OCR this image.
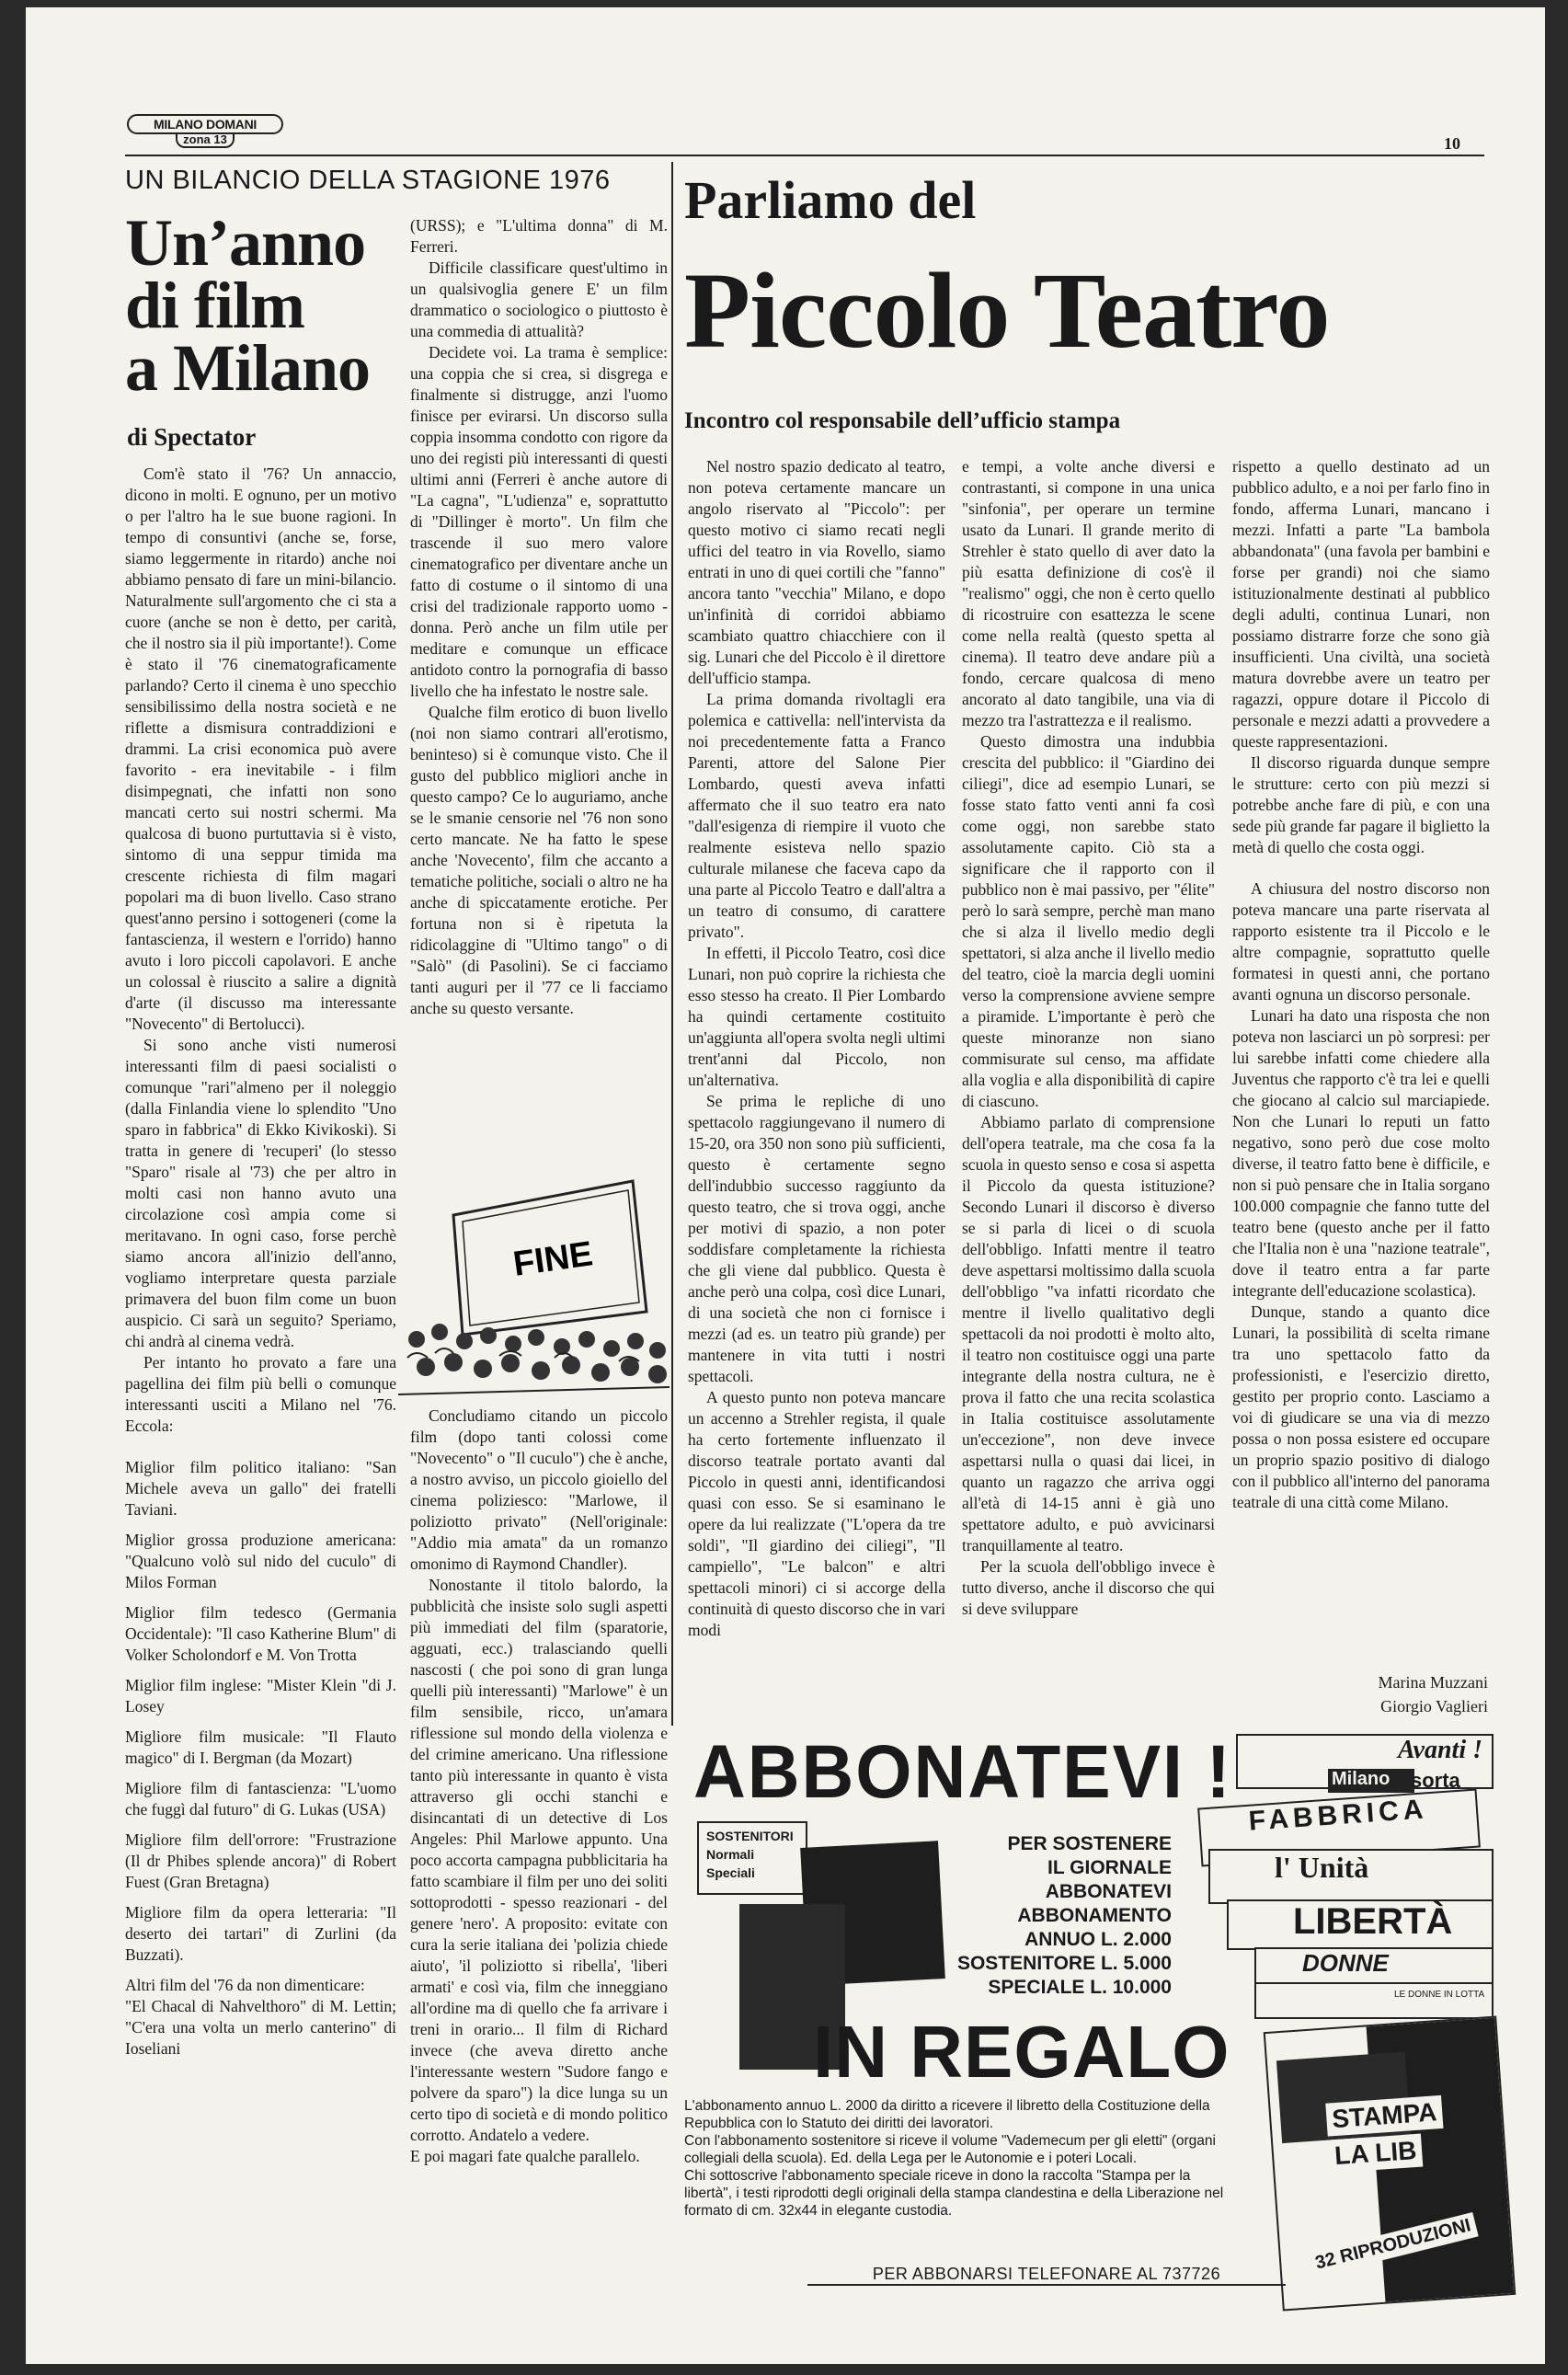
MILANO DOMANI
zona 13	10
UN BILANCIO DELLA STAGIONE 1976
Un’anno
di film
a Milano
di Spectator

Com'è stato il '76? Un annaccio, dicono in molti. E ognuno, per un motivo o per l'altro ha le sue buone ragioni. In tempo di consuntivi (anche se, forse, siamo leggermente in ritardo) anche noi abbiamo pensato di fare un mini-bilancio. Naturalmente sull'argomento che ci sta a cuore (anche se non è detto, per carità, che il nostro sia il più importante!). Come è stato il '76 cinematograficamente parlando? Certo il cinema è uno specchio sensibilissimo della nostra società e ne riflette a dismisura contraddizioni e drammi. La crisi economica può avere favorito - era inevitabile - i film disimpegnati, che infatti non sono mancati certo sui nostri schermi. Ma qualcosa di buono purtuttavia si è visto, sintomo di una seppur timida ma crescente richiesta di film magari popolari ma di buon livello. Caso strano quest'anno persino i sottogeneri (come la fantascienza, il western e l'orrido) hanno avuto i loro piccoli capolavori. E anche un colossal è riuscito a salire a dignità d'arte (il discusso ma interessante "Novecento" di Bertolucci).

Si sono anche visti numerosi interessanti film di paesi socialisti o comunque "rari"almeno per il noleggio (dalla Finlandia viene lo splendito "Uno sparo in fabbrica" di Ekko Kivikoski). Si tratta in genere di 'recuperi' (lo stesso "Sparo" risale al '73) che per altro in molti casi non hanno avuto una circolazione così ampia come si meritavano. In ogni caso, forse perchè siamo ancora all'inizio dell'anno, vogliamo interpretare questa parziale primavera del buon film come un buon auspicio. Ci sarà un seguito? Speriamo, chi andrà al cinema vedrà.

Per intanto ho provato a fare una pagellina dei film più belli o comunque interessanti usciti a Milano nel '76. Eccola:

Miglior film politico italiano: "San Michele aveva un gallo" dei fratelli Taviani.

Miglior grossa produzione americana: "Qualcuno volò sul nido del cuculo" di Milos Forman

Miglior film tedesco (Germania Occidentale): "Il caso Katherine Blum" di Volker Scholondorf e M. Von Trotta

Miglior film inglese: "Mister Klein "di J. Losey

Migliore film musicale: "Il Flauto magico" di I. Bergman (da Mozart)

Migliore film di fantascienza: "L'uomo che fuggì dal futuro" di G. Lukas (USA)

Migliore film dell'orrore: "Frustrazione (Il dr Phibes splende ancora)" di Robert Fuest (Gran Bretagna)

Migliore film da opera letteraria: "Il deserto dei tartari" di Zurlini (da Buzzati).

Altri film del '76 da non dimenticare:

"El Chacal di Nahvelthoro" di M. Lettin; "C'era una volta un merlo canterino" di Ioseliani

(URSS); e "L'ultima donna" di M. Ferreri.

Difficile classificare quest'ultimo in un qualsivoglia genere E' un film drammatico o sociologico o piuttosto è una commedia di attualità?

Decidete voi. La trama è semplice: una coppia che si crea, si disgrega e finalmente si distrugge, anzi l'uomo finisce per evirarsi. Un discorso sulla coppia insomma condotto con rigore da uno dei registi più interessanti di questi ultimi anni (Ferreri è anche autore di "La cagna", "L'udienza" e, soprattutto di "Dillinger è morto". Un film che trascende il suo mero valore cinematografico per diventare anche un fatto di costume o il sintomo di una crisi del tradizionale rapporto uomo - donna. Però anche un film utile per meditare e comunque un efficace antidoto contro la pornografia di basso livello che ha infestato le nostre sale.

Qualche film erotico di buon livello (noi non siamo contrari all'erotismo, beninteso) si è comunque visto. Che il gusto del pubblico migliori anche in questo campo? Ce lo auguriamo, anche se le smanie censorie nel '76 non sono certo mancate. Ne ha fatto le spese anche 'Novecento', film che accanto a tematiche politiche, sociali o altro ne ha anche di spiccatamente erotiche. Per fortuna non si è ripetuta la ridicolaggine di "Ultimo tango" o di "Salò" (di Pasolini). Se ci facciamo tanti auguri per il '77 ce li facciamo anche su questo versante.

FINE

Concludiamo citando un piccolo film (dopo tanti colossi come "Novecento" o "Il cuculo") che è anche, a nostro avviso, un piccolo gioiello del cinema poliziesco: "Marlowe, il poliziotto privato" (Nell'originale: "Addio mia amata" da un romanzo omonimo di Raymond Chandler).

Nonostante il titolo balordo, la pubblicità che insiste solo sugli aspetti più immediati del film (sparatorie, agguati, ecc.) tralasciando quelli nascosti ( che poi sono di gran lunga quelli più interessanti) "Marlowe" è un film sensibile, ricco, un'amara riflessione sul mondo della violenza e del crimine americano. Una riflessione tanto più interessante in quanto è vista attraverso gli occhi stanchi e disincantati di un detective di Los Angeles: Phil Marlowe appunto. Una poco accorta campagna pubblicitaria ha fatto scambiare il film per uno dei soliti sottoprodotti - spesso reazionari - del genere 'nero'. A proposito: evitate con cura la serie italiana dei 'polizia chiede aiuto', 'il poliziotto si ribella', 'liberi armati' e così via, film che inneggiano all'ordine ma di quello che fa arrivare i treni in orario... Il film di Richard invece (che aveva diretto anche l'interessante western "Sudore fango e polvere da sparo") la dice lunga su un certo tipo di società e di mondo politico corrotto. Andatelo a vedere.

E poi magari fate qualche parallelo.

Parliamo del
Piccolo Teatro
Incontro col responsabile dell’ufficio stampa

Nel nostro spazio dedicato al teatro, non poteva certamente mancare un angolo riservato al "Piccolo": per questo motivo ci siamo recati negli uffici del teatro in via Rovello, siamo entrati in uno di quei cortili che "fanno" ancora tanto "vecchia" Milano, e dopo un'infinità di corridoi abbiamo scambiato quattro chiacchiere con il sig. Lunari che del Piccolo è il direttore dell'ufficio stampa.

La prima domanda rivoltagli era polemica e cattivella: nell'intervista da noi precedentemente fatta a Franco Parenti, attore del Salone Pier Lombardo, questi aveva infatti affermato che il suo teatro era nato "dall'esigenza di riempire il vuoto che realmente esisteva nello spazio culturale milanese che faceva capo da una parte al Piccolo Teatro e dall'altra a un teatro di consumo, di carattere privato".

In effetti, il Piccolo Teatro, così dice Lunari, non può coprire la richiesta che esso stesso ha creato. Il Pier Lombardo ha quindi certamente costituito un'aggiunta all'opera svolta negli ultimi trent'anni dal Piccolo, non un'alternativa.

Se prima le repliche di uno spettacolo raggiungevano il numero di 15-20, ora 350 non sono più sufficienti, questo è certamente segno dell'indubbio successo raggiunto da questo teatro, che si trova oggi, anche per motivi di spazio, a non poter soddisfare completamente la richiesta che gli viene dal pubblico. Questa è anche però una colpa, così dice Lunari, di una società che non ci fornisce i mezzi (ad es. un teatro più grande) per mantenere in vita tutti i nostri spettacoli.

A questo punto non poteva mancare un accenno a Strehler regista, il quale ha certo fortemente influenzato il discorso teatrale portato avanti dal Piccolo in questi anni, identificandosi quasi con esso. Se si esaminano le opere da lui realizzate ("L'opera da tre soldi", "Il giardino dei ciliegi", "Il campiello", "Le balcon" e altri spettacoli minori) ci si accorge della continuità di questo discorso che in vari modi

e tempi, a volte anche diversi e contrastanti, si compone in una unica "sinfonia", per operare un termine usato da Lunari. Il grande merito di Strehler è stato quello di aver dato la più esatta definizione di cos'è il "realismo" oggi, che non è certo quello di ricostruire con esattezza le scene come nella realtà (questo spetta al cinema). Il teatro deve andare più a fondo, cercare qualcosa di meno ancorato al dato tangibile, una via di mezzo tra l'astrattezza e il realismo.

Questo dimostra una indubbia crescita del pubblico: il "Giardino dei ciliegi", dice ad esempio Lunari, se fosse stato fatto venti anni fa così come oggi, non sarebbe stato assolutamente capito. Ciò sta a significare che il rapporto con il pubblico non è mai passivo, per "élite" però lo sarà sempre, perchè man mano che si alza il livello medio degli spettatori, si alza anche il livello medio del teatro, cioè la marcia degli uomini verso la comprensione avviene sempre a piramide. L'importante è però che queste minoranze non siano commisurate sul censo, ma affidate alla voglia e alla disponibilità di capire di ciascuno.

Abbiamo parlato di comprensione dell'opera teatrale, ma che cosa fa la scuola in questo senso e cosa si aspetta il Piccolo da questa istituzione? Secondo Lunari il discorso è diverso se si parla di licei o di scuola dell'obbligo. Infatti mentre il teatro deve aspettarsi moltissimo dalla scuola dell'obbligo "va infatti ricordato che mentre il livello qualitativo degli spettacoli da noi prodotti è molto alto, il teatro non costituisce oggi una parte integrante della nostra cultura, ne è prova il fatto che una recita scolastica in Italia costituisce assolutamente un'eccezione", non deve invece aspettarsi nulla o quasi dai licei, in quanto un ragazzo che arriva oggi all'età di 14-15 anni è già uno spettatore adulto, e può avvicinarsi tranquillamente al teatro.

Per la scuola dell'obbligo invece è tutto diverso, anche il discorso che qui si deve sviluppare

rispetto a quello destinato ad un pubblico adulto, e a noi per farlo fino in fondo, afferma Lunari, mancano i mezzi. Infatti a parte "La bambola abbandonata" (una favola per bambini e forse per grandi) noi che siamo istituzionalmente destinati al pubblico degli adulti, continua Lunari, non possiamo distrarre forze che sono già insufficienti. Una civiltà, una società matura dovrebbe avere un teatro per ragazzi, oppure dotare il Piccolo di personale e mezzi adatti a provvedere a queste rappresentazioni.

Il discorso riguarda dunque sempre le strutture: certo con più mezzi si potrebbe anche fare di più, e con una sede più grande far pagare il biglietto la metà di quello che costa oggi.

A chiusura del nostro discorso non poteva mancare una parte riservata al rapporto esistente tra il Piccolo e le altre compagnie, soprattutto quelle formatesi in questi anni, che portano avanti ognuna un discorso personale.

Lunari ha dato una risposta che non poteva non lasciarci un pò sorpresi: per lui sarebbe infatti come chiedere alla Juventus che rapporto c'è tra lei e quelli che giocano al calcio sul marciapiede. Non che Lunari lo reputi un fatto negativo, sono però due cose molto diverse, il teatro fatto bene è difficile, e non si può pensare che in Italia sorgano 100.000 compagnie che fanno tutte del teatro bene (questo anche per il fatto che l'Italia non è una "nazione teatrale", dove il teatro entra a far parte integrante dell'educazione scolastica).

Dunque, stando a quanto dice Lunari, la possibilità di scelta rimane tra uno spettacolo fatto da professionisti, e l'esercizio diretto, gestito per proprio conto. Lasciamo a voi di giudicare se una via di mezzo possa o non possa esistere ed occupare un proprio spazio positivo di dialogo con il pubblico all'interno del panorama teatrale di una città come Milano.

Marina Muzzani
Giorgio Vaglieri
ABBONATEVI !
SOSTENITORI
Normali
Speciali
PER SOSTENERE
IL GIORNALE
ABBONATEVI
ABBONAMENTO
ANNUO L. 2.000
SOSTENITORE L. 5.000
SPECIALE L. 10.000
Avanti !
Milano	sorta
FABBRICA
l' Unità
LIBERTÀ
DONNE
LE DONNE IN LOTTA
IN REGALO
STAMPA
LA LIB
32 RIPRODUZIONI
L'abbonamento annuo L. 2000 da diritto a ricevere il libretto della Costituzione della Repubblica con lo Statuto dei diritti dei lavoratori.
Con l'abbonamento sostenitore si riceve il volume "Vademecum per gli eletti" (organi collegiali della scuola). Ed. della Lega per le Autonomie e i poteri Locali.
Chi sottoscrive l'abbonamento speciale riceve in dono la raccolta "Stampa per la libertà", i testi riprodotti degli originali della stampa clandestina e della Liberazione nel formato di cm. 32x44 in elegante custodia.
PER ABBONARSI TELEFONARE AL 737726
